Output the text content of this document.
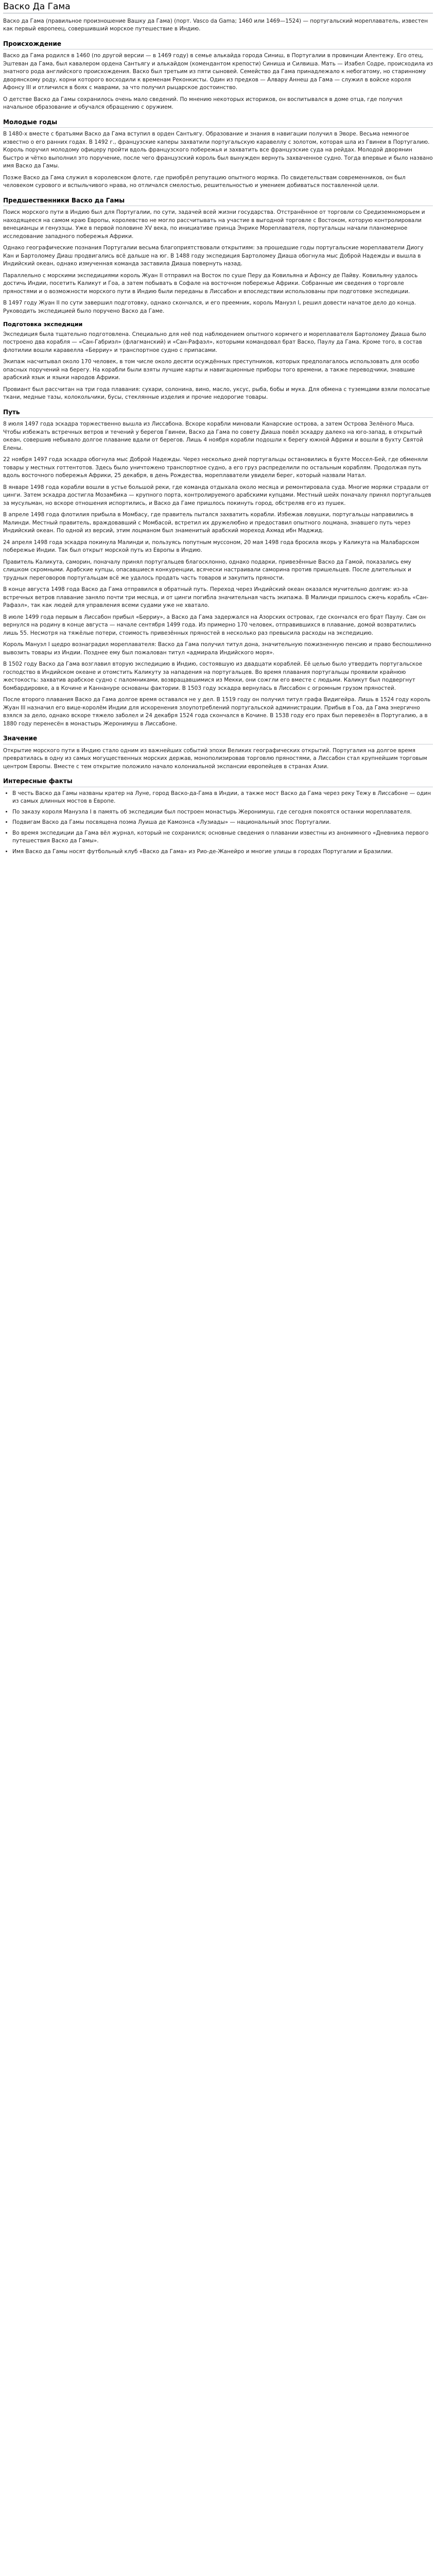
Васко Да Гама

Васко да Гама (правильное произношение Вашку да Гама) (порт. Vasco da Gama; 1460 или 1469—1524) — португальский мореплаватель, известен как первый европеец, совершивший морское путешествие в Индию.

Происхождение

Васко да Гама родился в 1460 (по другой версии — в 1469 году) в семье алькайда города Синиш, в Португалии в провинции Алентежу. Его отец, Эштеван да Гама, был кавалером ордена Сантьягу и алькайдом (комендантом крепости) Синиша и Силвиша. Мать — Изабел Содре, происходила из знатного рода английского происхождения. Васко был третьим из пяти сыновей. Семейство да Гама принадлежало к небогатому, но старинному дворянскому роду, корни которого восходили к временам Реконкисты. Один из предков — Алвару Аннеш да Гама — служил в войске короля Афонсу III и отличился в боях с маврами, за что получил рыцарское достоинство.

О детстве Васко да Гамы сохранилось очень мало сведений. По мнению некоторых историков, он воспитывался в доме отца, где получил начальное образование и обучался обращению с оружием.

Молодые годы

В 1480-х вместе с братьями Васко да Гама вступил в орден Сантьягу. Образование и знания в навигации получил в Эворе. Весьма немногое известно о его ранних годах. В 1492 г., французские каперы захватили португальскую каравеллу с золотом, которая шла из Гвинеи в Португалию. Король поручил молодому офицеру пройти вдоль французского побережья и захватить все французские суда на рейдах. Молодой дворянин быстро и чётко выполнил это поручение, после чего французский король был вынужден вернуть захваченное судно. Тогда впервые и было названо имя Васко да Гамы.

Позже Васко да Гама служил в королевском флоте, где приобрёл репутацию опытного моряка. По свидетельствам современников, он был человеком сурового и вспыльчивого нрава, но отличался смелостью, решительностью и умением добиваться поставленной цели.

Предшественники Васко да Гамы

Поиск морского пути в Индию был для Португалии, по сути, задачей всей жизни государства. Отстранённое от торговли со Средиземноморьем и находящееся на самом краю Европы, королевство не могло рассчитывать на участие в выгодной торговле с Востоком, которую контролировали венецианцы и генуэзцы. Уже в первой половине XV века, по инициативе принца Энрике Мореплавателя, португальцы начали планомерное исследование западного побережья Африки.

Однако географические познания Португалии весьма благоприятствовали открытиям: за прошедшие годы португальские мореплаватели Диогу Кан и Бартоломеу Диаш продвигались всё дальше на юг. В 1488 году экспедиция Бартоломеу Диаша обогнула мыс Доброй Надежды и вышла в Индийский океан, однако измученная команда заставила Диаша повернуть назад.

Параллельно с морскими экспедициями король Жуан II отправил на Восток по суше Перу да Ковильяна и Афонсу де Пайву. Ковильяну удалось достичь Индии, посетить Каликут и Гоа, а затем побывать в Софале на восточном побережье Африки. Собранные им сведения о торговле пряностями и о возможности морского пути в Индию были переданы в Лиссабон и впоследствии использованы при подготовке экспедиции.

В 1497 году Жуан II по сути завершил подготовку, однако скончался, и его преемник, король Мануэл I, решил довести начатое дело до конца. Руководить экспедицией было поручено Васко да Гаме.

Подготовка экспедиции

Экспедиция была тщательно подготовлена. Специально для неё под наблюдением опытного кормчего и мореплавателя Бартоломеу Диаша было построено два корабля — «Сан-Габриэл» (флагманский) и «Сан-Рафаэл», которыми командовал брат Васко, Паулу да Гама. Кроме того, в состав флотилии вошли каравелла «Берриу» и транспортное судно с припасами.

Экипаж насчитывал около 170 человек, в том числе около десяти осуждённых преступников, которых предполагалось использовать для особо опасных поручений на берегу. На корабли были взяты лучшие карты и навигационные приборы того времени, а также переводчики, знавшие арабский язык и языки народов Африки.

Провиант был рассчитан на три года плавания: сухари, солонина, вино, масло, уксус, рыба, бобы и мука. Для обмена с туземцами взяли полосатые ткани, медные тазы, колокольчики, бусы, стеклянные изделия и прочие недорогие товары.

Путь

8 июля 1497 года эскадра торжественно вышла из Лиссабона. Вскоре корабли миновали Канарские острова, а затем Острова Зелёного Мыса. Чтобы избежать встречных ветров и течений у берегов Гвинеи, Васко да Гама по совету Диаша повёл эскадру далеко на юго-запад, в открытый океан, совершив небывало долгое плавание вдали от берегов. Лишь 4 ноября корабли подошли к берегу южной Африки и вошли в бухту Святой Елены.

22 ноября 1497 года эскадра обогнула мыс Доброй Надежды. Через несколько дней португальцы остановились в бухте Моссел-Бей, где обменяли товары у местных готтентотов. Здесь было уничтожено транспортное судно, а его груз распределили по остальным кораблям. Продолжая путь вдоль восточного побережья Африки, 25 декабря, в день Рождества, мореплаватели увидели берег, который назвали Натал.

В январе 1498 года корабли вошли в устье большой реки, где команда отдыхала около месяца и ремонтировала суда. Многие моряки страдали от цинги. Затем эскадра достигла Мозамбика — крупного порта, контролируемого арабскими купцами. Местный шейх поначалу принял португальцев за мусульман, но вскоре отношения испортились, и Васко да Гаме пришлось покинуть город, обстреляв его из пушек.

В апреле 1498 года флотилия прибыла в Момбасу, где правитель пытался захватить корабли. Избежав ловушки, португальцы направились в Малинди. Местный правитель, враждовавший с Момбасой, встретил их дружелюбно и предоставил опытного лоцмана, знавшего путь через Индийский океан. По одной из версий, этим лоцманом был знаменитый арабский мореход Ахмад ибн Маджид.

24 апреля 1498 года эскадра покинула Малинди и, пользуясь попутным муссоном, 20 мая 1498 года бросила якорь у Каликута на Малабарском побережье Индии. Так был открыт морской путь из Европы в Индию.

Правитель Каликута, саморин, поначалу принял португальцев благосклонно, однако подарки, привезённые Васко да Гамой, показались ему слишком скромными. Арабские купцы, опасавшиеся конкуренции, всячески настраивали саморина против пришельцев. После длительных и трудных переговоров португальцам всё же удалось продать часть товаров и закупить пряности.

В конце августа 1498 года Васко да Гама отправился в обратный путь. Переход через Индийский океан оказался мучительно долгим: из-за встречных ветров плавание заняло почти три месяца, и от цинги погибла значительная часть экипажа. В Малинди пришлось сжечь корабль «Сан-Рафаэл», так как людей для управления всеми судами уже не хватало.

В июле 1499 года первым в Лиссабон прибыл «Берриу», а Васко да Гама задержался на Азорских островах, где скончался его брат Паулу. Сам он вернулся на родину в конце августа — начале сентября 1499 года. Из примерно 170 человек, отправившихся в плавание, домой возвратились лишь 55. Несмотря на тяжёлые потери, стоимость привезённых пряностей в несколько раз превысила расходы на экспедицию.

Король Мануэл I щедро вознаградил мореплавателя: Васко да Гама получил титул дона, значительную пожизненную пенсию и право беспошлинно вывозить товары из Индии. Позднее ему был пожалован титул «адмирала Индийского моря».

В 1502 году Васко да Гама возглавил вторую экспедицию в Индию, состоявшую из двадцати кораблей. Её целью было утвердить португальское господство в Индийском океане и отомстить Каликуту за нападения на португальцев. Во время плавания португальцы проявили крайнюю жестокость: захватив арабское судно с паломниками, возвращавшимися из Мекки, они сожгли его вместе с людьми. Каликут был подвергнут бомбардировке, а в Кочине и Каннануре основаны фактории. В 1503 году эскадра вернулась в Лиссабон с огромным грузом пряностей.

После второго плавания Васко да Гама долгое время оставался не у дел. В 1519 году он получил титул графа Видигейра. Лишь в 1524 году король Жуан III назначил его вице-королём Индии для искоренения злоупотреблений португальской администрации. Прибыв в Гоа, да Гама энергично взялся за дело, однако вскоре тяжело заболел и 24 декабря 1524 года скончался в Кочине. В 1538 году его прах был перевезён в Португалию, а в 1880 году перенесён в монастырь Жеронимуш в Лиссабоне.

Значение

Открытие морского пути в Индию стало одним из важнейших событий эпохи Великих географических открытий. Португалия на долгое время превратилась в одну из самых могущественных морских держав, монополизировав торговлю пряностями, а Лиссабон стал крупнейшим торговым центром Европы. Вместе с тем открытие положило начало колониальной экспансии европейцев в странах Азии.

Интересные факты
• В честь Васко да Гамы названы кратер на Луне, город Васко-да-Гама в Индии, а также мост Васко да Гама через реку Тежу в Лиссабоне — один из самых длинных мостов в Европе.
• По заказу короля Мануэла I в память об экспедиции был построен монастырь Жеронимуш, где сегодня покоятся останки мореплавателя.
• Подвигам Васко да Гамы посвящена поэма Луиша де Камоэнса «Лузиады» — национальный эпос Португалии.
• Во время экспедиции да Гама вёл журнал, который не сохранился; основные сведения о плавании известны из анонимного «Дневника первого путешествия Васко да Гамы».
• Имя Васко да Гамы носят футбольный клуб «Васко да Гама» из Рио-де-Жанейро и многие улицы в городах Португалии и Бразилии.
